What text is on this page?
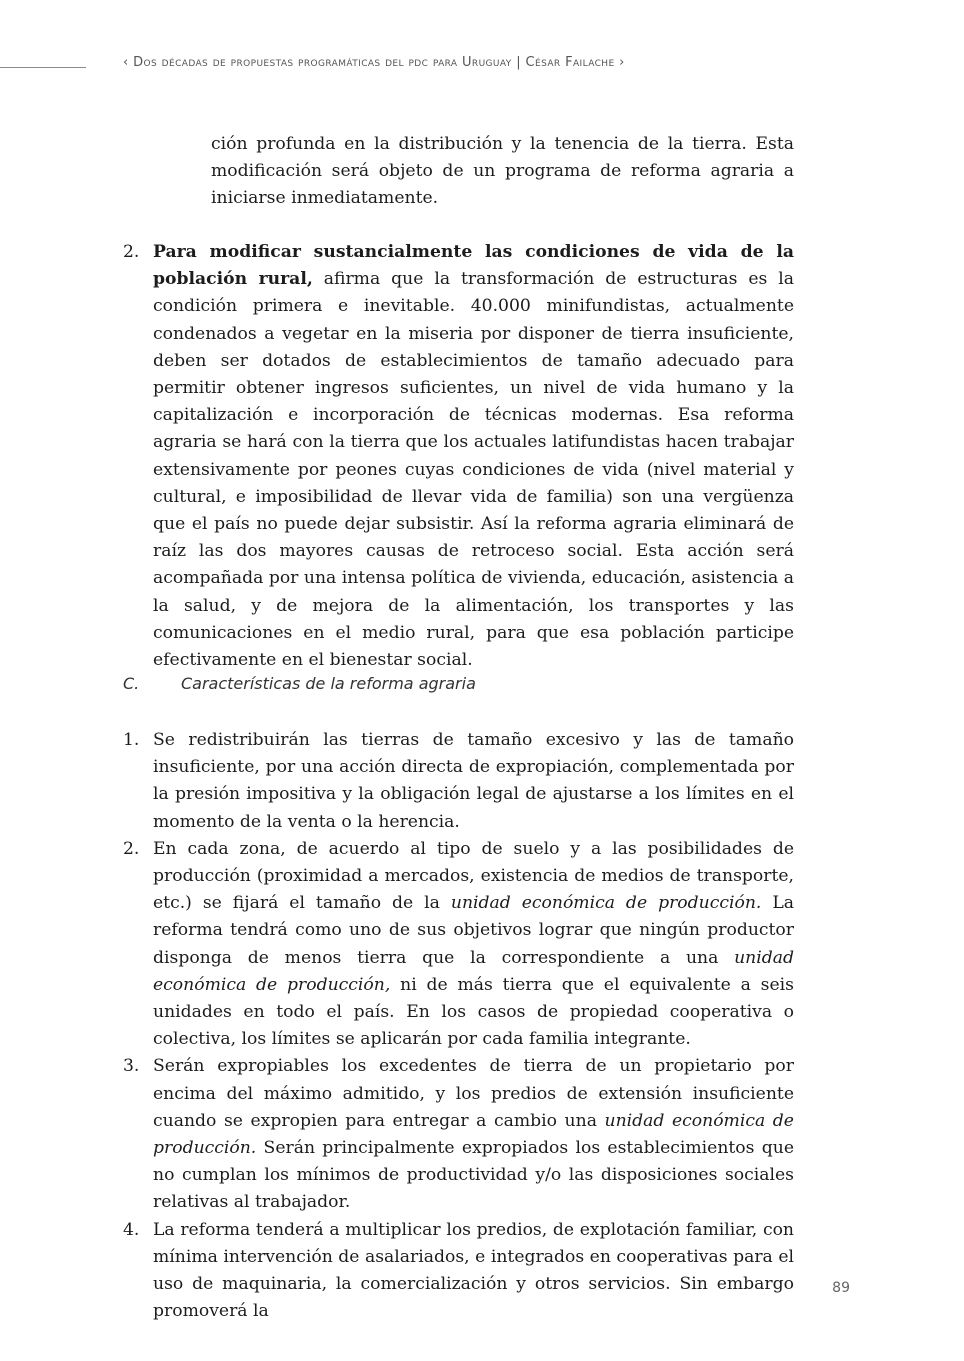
‹ Dos décadas de propuestas programáticas del pdc para Uruguay | César Failache ›

ción profunda en la distribución y la tenencia de la tierra. Esta modificación será objeto de un programa de reforma agraria a iniciarse inmediatamente.

2. Para modificar sustancialmente las condiciones de vida de la población rural, afirma que la transformación de estructuras es la condición primera e inevitable. 40.000 minifundistas, actualmente condenados a vegetar en la miseria por disponer de tierra insuficiente, deben ser dotados de establecimientos de tamaño adecuado para permitir obtener ingresos suficientes, un nivel de vida humano y la capitalización e incorporación de técnicas modernas. Esa reforma agraria se hará con la tierra que los actuales latifundistas hacen trabajar extensivamente por peones cuyas condiciones de vida (nivel material y cultural, e imposibilidad de llevar vida de familia) son una vergüenza que el país no puede dejar subsistir. Así la reforma agraria eliminará de raíz las dos mayores causas de retroceso social. Esta acción será acompañada por una intensa política de vivienda, educación, asistencia a la salud, y de mejora de la alimentación, los transportes y las comunicaciones en el medio rural, para que esa población participe efectivamente en el bienestar social.
C.	Características de la reforma agraria
1. Se redistribuirán las tierras de tamaño excesivo y las de tamaño insuficiente, por una acción directa de expropiación, complementada por la presión impositiva y la obligación legal de ajustarse a los límites en el momento de la venta o la herencia.
2. En cada zona, de acuerdo al tipo de suelo y a las posibilidades de producción (proximidad a mercados, existencia de medios de transporte, etc.) se fijará el tamaño de la unidad económica de producción. La reforma tendrá como uno de sus objetivos lograr que ningún productor disponga de menos tierra que la correspondiente a una unidad económica de producción, ni de más tierra que el equivalente a seis unidades en todo el país. En los casos de propiedad cooperativa o colectiva, los límites se aplicarán por cada familia integrante.
3. Serán expropiables los excedentes de tierra de un propietario por encima del máximo admitido, y los predios de extensión insuficiente cuando se expropien para entregar a cambio una unidad económica de producción. Serán principalmente expropiados los establecimientos que no cumplan los mínimos de productividad y/o las disposiciones sociales relativas al trabajador.
4. La reforma tenderá a multiplicar los predios, de explotación familiar, con mínima intervención de asalariados, e integrados en cooperativas para el uso de maquinaria, la comercialización y otros servicios. Sin embargo promoverá la
89
